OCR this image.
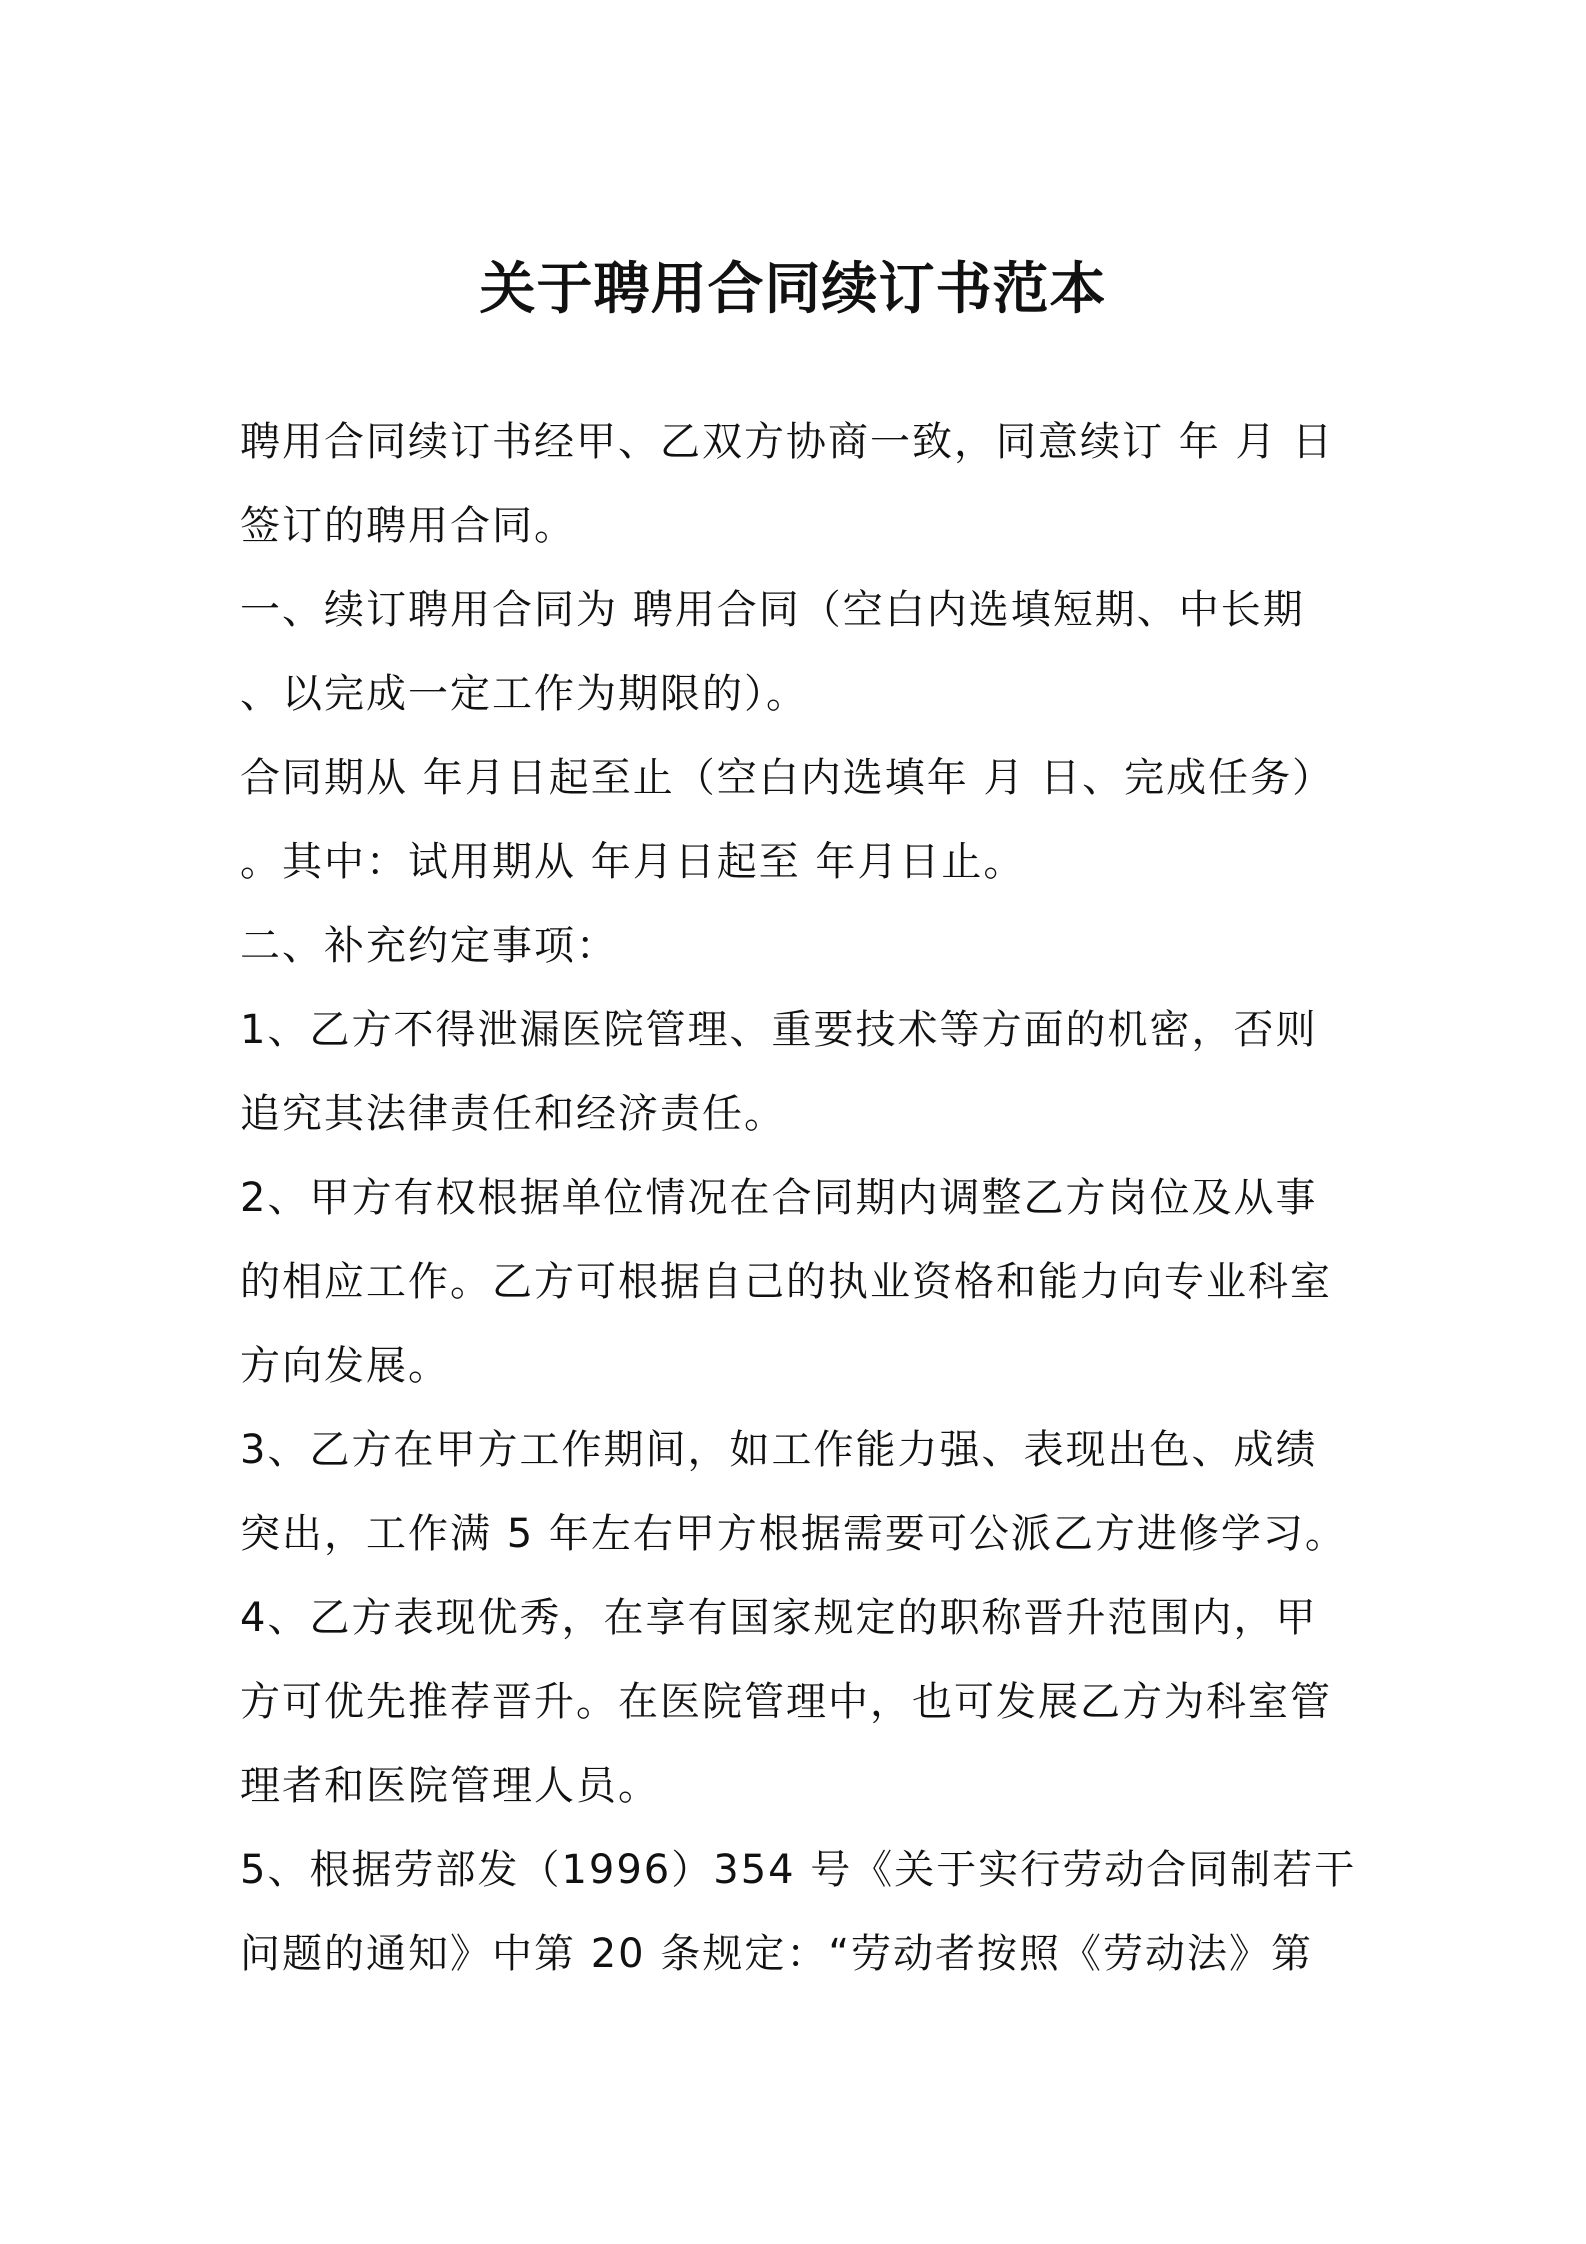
关于聘用合同续订书范本
聘用合同续订书经甲、乙双方协商一致，同意续订 年 月 日
签订的聘用合同。
一、续订聘用合同为 聘用合同（空白内选填短期、中长期
、以完成一定工作为期限的）。
合同期从 年月日起至止（空白内选填年 月 日、完成任务）
。其中：试用期从 年月日起至 年月日止。
二、补充约定事项：
1、乙方不得泄漏医院管理、重要技术等方面的机密，否则
追究其法律责任和经济责任。
2、甲方有权根据单位情况在合同期内调整乙方岗位及从事
的相应工作。乙方可根据自己的执业资格和能力向专业科室
方向发展。
3、乙方在甲方工作期间，如工作能力强、表现出色、成绩
突出，工作满 5 年左右甲方根据需要可公派乙方进修学习。
4、乙方表现优秀，在享有国家规定的职称晋升范围内，甲
方可优先推荐晋升。在医院管理中，也可发展乙方为科室管
理者和医院管理人员。
5、根据劳部发（1996）354 号《关于实行劳动合同制若干
问题的通知》中第 20 条规定：“劳动者按照《劳动法》第
